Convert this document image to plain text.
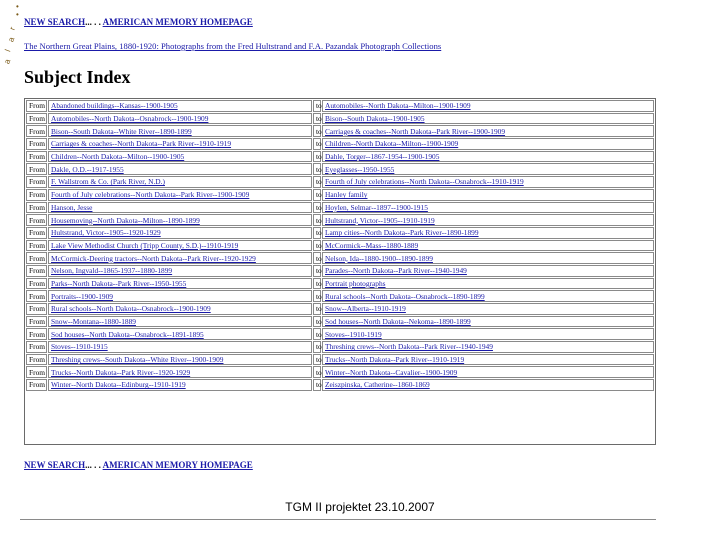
•
•
r
a
l
a
NEW SEARCH... . . AMERICAN MEMORY HOMEPAGE
The Northern Great Plains, 1880-1920: Photographs from the Fred Hultstrand and F.A. Pazandak Photograph Collections
Subject Index
From	Abandoned buildings--Kansas--1900-1905	to	Automobiles--North Dakota--Milton--1900-1909
From	Automobiles--North Dakota--Osnabrock--1900-1909	to	Bison--South Dakota--1900-1905
From	Bison--South Dakota--White River--1890-1899	to	Carriages & coaches--North Dakota--Park River--1900-1909
From	Carriages & coaches--North Dakota--Park River--1910-1919	to	Children--North Dakota--Milton--1900-1909
From	Children--North Dakota--Milton--1900-1905	to	Dahle, Torger--1867-1954--1900-1905
From	Dakle, O.D.--1917-1955	to	Eyeglasses--1950-1955
From	F. Wallstrom & Co. (Park River, N.D.)	to	Fourth of July celebrations--North Dakota--Osnabrock--1910-1919
From	Fourth of July celebrations--North Dakota--Park River--1900-1909	to	Hanley family
From	Hanson, Jesse	to	Hoylen, Selmar--1897--1900-1915
From	Housemoving--North Dakota--Milton--1890-1899	to	Hultstrand, Victor--1905--1910-1919
From	Hultstrand, Victor--1905--1920-1929	to	Lamp cities--North Dakota--Park River--1890-1899
From	Lake View Methodist Church (Tripp County, S.D.)--1910-1919	to	McCormick--Mass--1880-1889
From	McCormick-Deering tractors--North Dakota--Park River--1920-1929	to	Nelson, Ida--1880-1900--1890-1899
From	Nelson, Ingvald--1865-1937--1880-1899	to	Parades--North Dakota--Park River--1940-1949
From	Parks--North Dakota--Park River--1950-1955	to	Portrait photographs
From	Portraits--1900-1909	to	Rural schools--North Dakota--Osnabrock--1890-1899
From	Rural schools--North Dakota--Osnabrock--1900-1909	to	Snow--Alberta--1910-1919
From	Snow--Montana--1880-1889	to	Sod houses--North Dakota--Nekoma--1890-1899
From	Sod houses--North Dakota--Osnabrock--1891-1895	to	Stoves--1910-1919
From	Stoves--1910-1915	to	Threshing crews--North Dakota--Park River--1940-1949
From	Threshing crews--South Dakota--White River--1900-1909	to	Trucks--North Dakota--Park River--1910-1919
From	Trucks--North Dakota--Park River--1920-1929	to	Winter--North Dakota--Cavalier--1900-1909
From	Winter--North Dakota--Edinburg--1910-1919	to	Zeiszpinska, Catherine--1860-1869
NEW SEARCH... . . AMERICAN MEMORY HOMEPAGE
TGM II projektet 23.10.2007
